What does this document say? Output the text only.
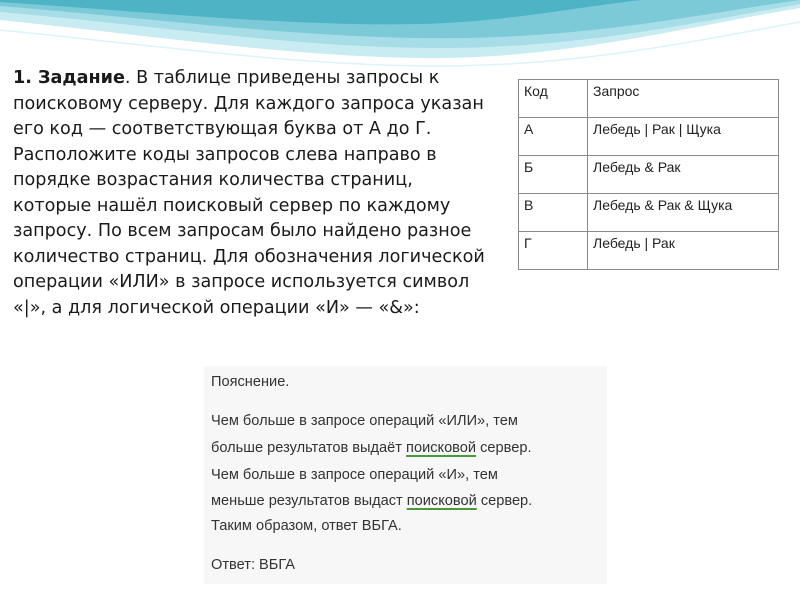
1. Задание. В таблице приведены запросы к поисковому серверу. Для каждого запроса указан его код — соответствующая буква от А до Г. Расположите коды запросов слева направо в порядке возрастания количества страниц, которые нашёл поисковый сервер по каждому запросу. По всем запросам было найдено разное количество страниц. Для обозначения логической операции «ИЛИ» в запросе используется символ «|», а для логической операции «И» — «&»:
Код	Запрос
А	Лебедь | Рак | Щука
Б	Лебедь & Рак
В	Лебедь & Рак & Щука
Г	Лебедь | Рак
Пояснение.
Чем больше в запросе операций «ИЛИ», тем
больше результатов выдаёт поисковой сервер.
Чем больше в запросе операций «И», тем
меньше результатов выдаст поисковой сервер.
Таким образом, ответ ВБГА.
Ответ: ВБГА
